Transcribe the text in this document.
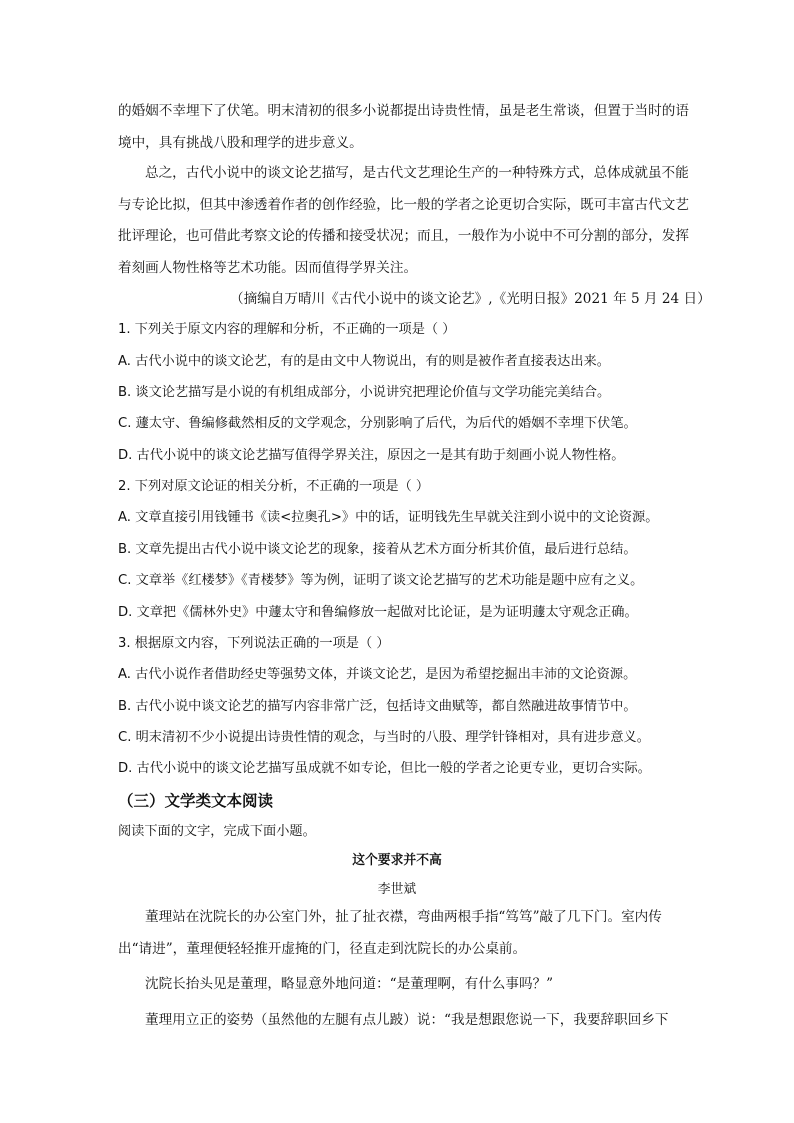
的婚姻不幸埋下了伏笔。明末清初的很多小说都提出诗贵性情，虽是老生常谈，但置于当时的语境中，具有挑战八股和理学的进步意义。

总之，古代小说中的谈文论艺描写，是古代文艺理论生产的一种特殊方式，总体成就虽不能与专论比拟，但其中渗透着作者的创作经验，比一般的学者之论更切合实际，既可丰富古代文艺批评理论，也可借此考察文论的传播和接受状况；而且，一般作为小说中不可分割的部分，发挥着刻画人物性格等艺术功能。因而值得学界关注。

（摘编自万晴川《古代小说中的谈文论艺》,《光明日报》2021 年 5 月 24 日）
1. 下列关于原文内容的理解和分析，不正确的一项是（ ）
A. 古代小说中的谈文论艺，有的是由文中人物说出，有的则是被作者直接表达出来。
B. 谈文论艺描写是小说的有机组成部分，小说讲究把理论价值与文学功能完美结合。
C. 蘧太守、鲁编修截然相反的文学观念，分别影响了后代，为后代的婚姻不幸埋下伏笔。
D. 古代小说中的谈文论艺描写值得学界关注，原因之一是其有助于刻画小说人物性格。
2. 下列对原文论证的相关分析，不正确的一项是（ ）
A. 文章直接引用钱锺书《读<拉奥孔>》中的话，证明钱先生早就关注到小说中的文论资源。
B. 文章先提出古代小说中谈文论艺的现象，接着从艺术方面分析其价值，最后进行总结。
C. 文章举《红楼梦》《青楼梦》等为例，证明了谈文论艺描写的艺术功能是题中应有之义。
D. 文章把《儒林外史》中蘧太守和鲁编修放一起做对比论证，是为证明蘧太守观念正确。
3. 根据原文内容，下列说法正确的一项是（ ）
A. 古代小说作者借助经史等强势文体，并谈文论艺，是因为希望挖掘出丰沛的文论资源。
B. 古代小说中谈文论艺的描写内容非常广泛，包括诗文曲赋等，都自然融进故事情节中。
C. 明末清初不少小说提出诗贵性情的观念，与当时的八股、理学针锋相对，具有进步意义。
D. 古代小说中的谈文论艺描写虽成就不如专论，但比一般的学者之论更专业，更切合实际。
（三）文学类文本阅读
阅读下面的文字，完成下面小题。
这个要求并不高
李世斌

董理站在沈院长的办公室门外，扯了扯衣襟，弯曲两根手指“笃笃”敲了几下门。室内传出“请进”，董理便轻轻推开虚掩的门，径直走到沈院长的办公桌前。

沈院长抬头见是董理，略显意外地问道：“是董理啊，有什么事吗？”

董理用立正的姿势（虽然他的左腿有点儿跛）说：“我是想跟您说一下，我要辞职回乡下
